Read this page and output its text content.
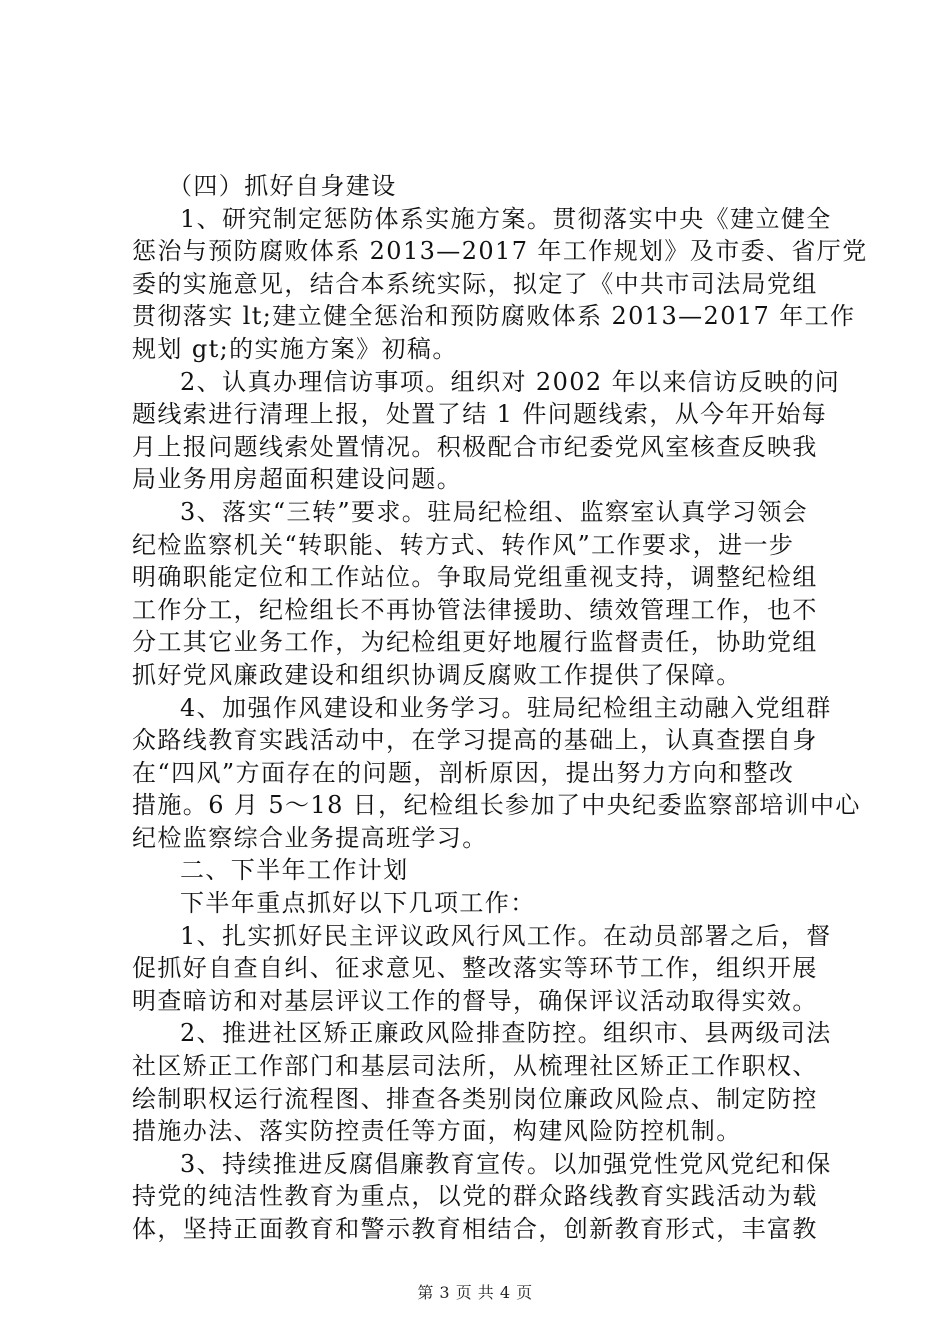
（四）抓好自身建设
1、研究制定惩防体系实施方案。贯彻落实中央《建立健全
惩治与预防腐败体系 2013—2017 年工作规划》及市委、省厅党
委的实施意见，结合本系统实际，拟定了《中共市司法局党组
贯彻落实 lt;建立健全惩治和预防腐败体系 2013—2017 年工作
规划 gt;的实施方案》初稿。
2、认真办理信访事项。组织对 2002 年以来信访反映的问
题线索进行清理上报，处置了结 1 件问题线索，从今年开始每
月上报问题线索处置情况。积极配合市纪委党风室核查反映我
局业务用房超面积建设问题。
3、落实“三转”要求。驻局纪检组、监察室认真学习领会
纪检监察机关“转职能、转方式、转作风”工作要求，进一步
明确职能定位和工作站位。争取局党组重视支持，调整纪检组
工作分工，纪检组长不再协管法律援助、绩效管理工作，也不
分工其它业务工作，为纪检组更好地履行监督责任，协助党组
抓好党风廉政建设和组织协调反腐败工作提供了保障。
4、加强作风建设和业务学习。驻局纪检组主动融入党组群
众路线教育实践活动中，在学习提高的基础上，认真查摆自身
在“四风”方面存在的问题，剖析原因，提出努力方向和整改
措施。6 月 5～18 日，纪检组长参加了中央纪委监察部培训中心
纪检监察综合业务提高班学习。
二、下半年工作计划
下半年重点抓好以下几项工作：
1、扎实抓好民主评议政风行风工作。在动员部署之后，督
促抓好自查自纠、征求意见、整改落实等环节工作，组织开展
明查暗访和对基层评议工作的督导，确保评议活动取得实效。
2、推进社区矫正廉政风险排查防控。组织市、县两级司法
社区矫正工作部门和基层司法所，从梳理社区矫正工作职权、
绘制职权运行流程图、排查各类别岗位廉政风险点、制定防控
措施办法、落实防控责任等方面，构建风险防控机制。
3、持续推进反腐倡廉教育宣传。以加强党性党风党纪和保
持党的纯洁性教育为重点，以党的群众路线教育实践活动为载
体，坚持正面教育和警示教育相结合，创新教育形式，丰富教
第 3 页 共 4 页
